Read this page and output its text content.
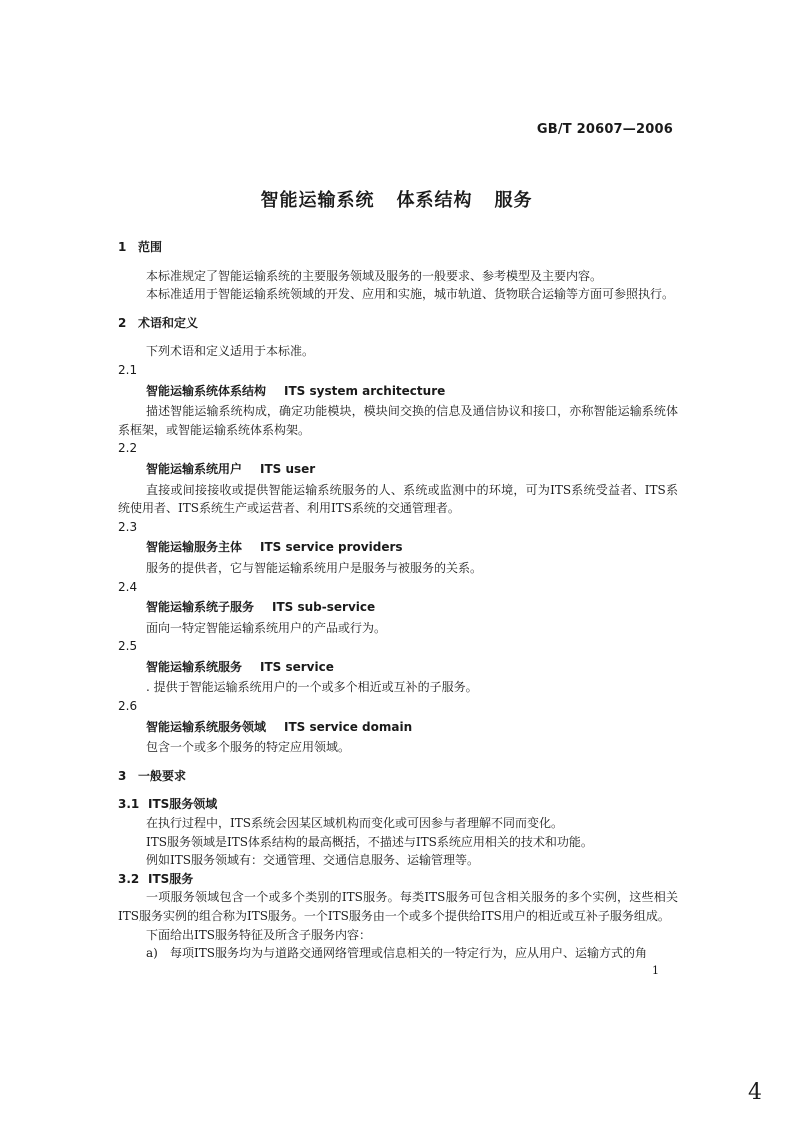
GB/T 20607—2006
智能运输系统 体系结构 服务
1 范围

本标准规定了智能运输系统的主要服务领域及服务的一般要求、参考模型及主要内容。

本标准适用于智能运输系统领域的开发、应用和实施，城市轨道、货物联合运输等方面可参照执行。

2 术语和定义

下列术语和定义适用于本标准。

2.1
智能运输系统体系结构 ITS system architecture

描述智能运输系统构成，确定功能模块，模块间交换的信息及通信协议和接口，亦称智能运输系统体系框架，或智能运输系统体系构架。

2.2
智能运输系统用户 ITS user

直接或间接接收或提供智能运输系统服务的人、系统或监测中的环境，可为ITS系统受益者、ITS系统使用者、ITS系统生产或运营者、利用ITS系统的交通管理者。

2.3
智能运输服务主体 ITS service providers

服务的提供者，它与智能运输系统用户是服务与被服务的关系。

2.4
智能运输系统子服务 ITS sub-service

面向一特定智能运输系统用户的产品或行为。

2.5
智能运输系统服务 ITS service

. 提供于智能运输系统用户的一个或多个相近或互补的子服务。

2.6
智能运输系统服务领域 ITS service domain

包含一个或多个服务的特定应用领域。

3 一般要求
3.1 ITS服务领域

在执行过程中，ITS系统会因某区域机构而变化或可因参与者理解不同而变化。

ITS服务领域是ITS体系结构的最高概括，不描述与ITS系统应用相关的技术和功能。

例如ITS服务领域有：交通管理、交通信息服务、运输管理等。

3.2 ITS服务

一项服务领域包含一个或多个类别的ITS服务。每类ITS服务可包含相关服务的多个实例，这些相关ITS服务实例的组合称为ITS服务。一个ITS服务由一个或多个提供给ITS用户的相近或互补子服务组成。

下面给出ITS服务特征及所含子服务内容：

a) 每项ITS服务均为与道路交通网络管理或信息相关的一特定行为，应从用户、运输方式的角
1
4
